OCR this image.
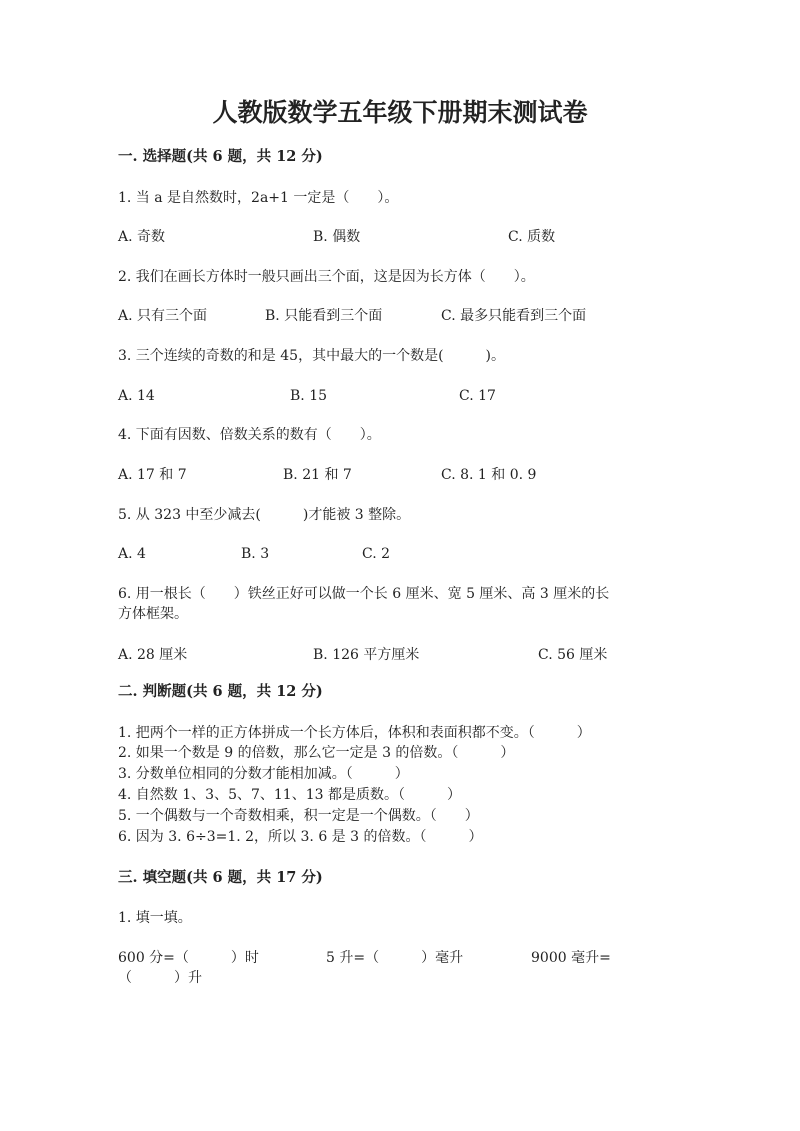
人教版数学五年级下册期末测试卷
一. 选择题(共 6 题，共 12 分)
1. 当 a 是自然数时，2a+1 一定是（　　）。
A. 奇数	B. 偶数	C. 质数
2. 我们在画长方体时一般只画出三个面，这是因为长方体（　　）。
A. 只有三个面	B. 只能看到三个面	C. 最多只能看到三个面
3. 三个连续的奇数的和是 45，其中最大的一个数是(　　　)。
A. 14	B. 15	C. 17
4. 下面有因数、倍数关系的数有（　　）。
A. 17 和 7	B. 21 和 7	C. 8. 1 和 0. 9
5. 从 323 中至少减去(　　　)才能被 3 整除。
A. 4	B. 3	C. 2
6. 用一根长（　　）铁丝正好可以做一个长 6 厘米、宽 5 厘米、高 3 厘米的长
方体框架。
A. 28 厘米	B. 126 平方厘米	C. 56 厘米
二. 判断题(共 6 题，共 12 分)
1. 把两个一样的正方体拼成一个长方体后，体积和表面积都不变。（　　　）
2. 如果一个数是 9 的倍数，那么它一定是 3 的倍数。（　　　）
3. 分数单位相同的分数才能相加减。（　　　）
4. 自然数 1、3、5、7、11、13 都是质数。（　　　）
5. 一个偶数与一个奇数相乘，积一定是一个偶数。（　　）
6. 因为 3. 6÷3=1. 2，所以 3. 6 是 3 的倍数。（　　　）
三. 填空题(共 6 题，共 17 分)
1. 填一填。
600 分=（　　　）时	5 升=（　　　）毫升	9000 毫升=
（　　　）升
